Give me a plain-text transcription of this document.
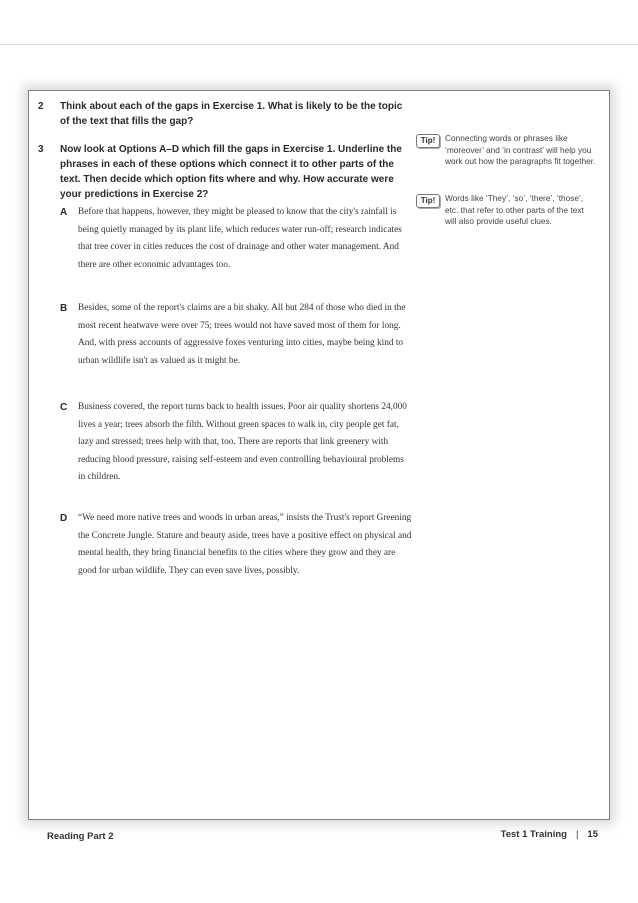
2	Think about each of the gaps in Exercise 1. What is likely to be the topic of the text that fills the gap?
3	Now look at Options A–D which fill the gaps in Exercise 1. Underline the phrases in each of these options which connect it to other parts of the text. Then decide which option fits where and why. How accurate were your predictions in Exercise 2?
A	Before that happens, however, they might be pleased to know that the city's rainfall is being quietly managed by its plant life, which reduces water run-off; research indicates that tree cover in cities reduces the cost of drainage and other water management. And there are other economic advantages too.
B	Besides, some of the report's claims are a bit shaky. All but 284 of those who died in the most recent heatwave were over 75; trees would not have saved most of them for long. And, with press accounts of aggressive foxes venturing into cities, maybe being kind to urban wildlife isn't as valued as it might be.
C	Business covered, the report turns back to health issues. Poor air quality shortens 24,000 lives a year; trees absorb the filth. Without green spaces to walk in, city people get fat, lazy and stressed; trees help with that, too. There are reports that link greenery with reducing blood pressure, raising self-esteem and even controlling behavioural problems in children.
D	“We need more native trees and woods in urban areas,” insists the Trust's report Greening the Concrete Jungle. Stature and beauty aside, trees have a positive effect on physical and mental health, they bring financial benefits to the cities where they grow and they are good for urban wildlife. They can even save lives, possibly.
Tip!	Connecting words or phrases like ‘moreover’ and ‘in contrast’ will help you work out how the paragraphs fit together.
Tip!	Words like ‘They’, ‘so’, ‘there’, ‘those’, etc. that refer to other parts of the text will also provide useful clues.
Reading Part 2	Test 1 Training | 15
